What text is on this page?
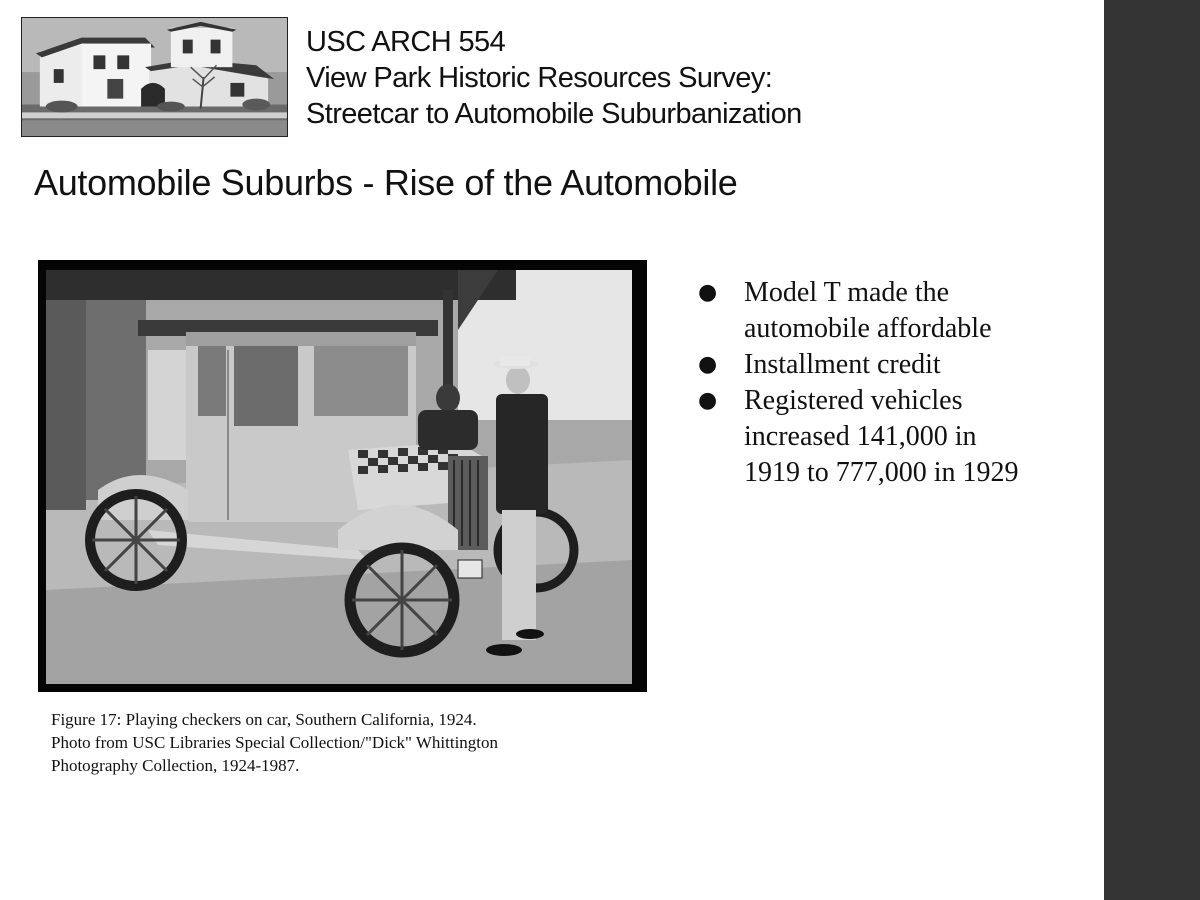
USC ARCH 554
View Park Historic Resources Survey:
Streetcar to Automobile Suburbanization
Automobile Suburbs - Rise of the Automobile
Figure 17: Playing checkers on car, Southern California, 1924.
Photo from USC Libraries Special Collection/"Dick" Whittington
Photography Collection, 1924-1987.
● Model T made the
automobile affordable
● Installment credit
● Registered vehicles
increased 141,000 in
1919 to 777,000 in 1929
